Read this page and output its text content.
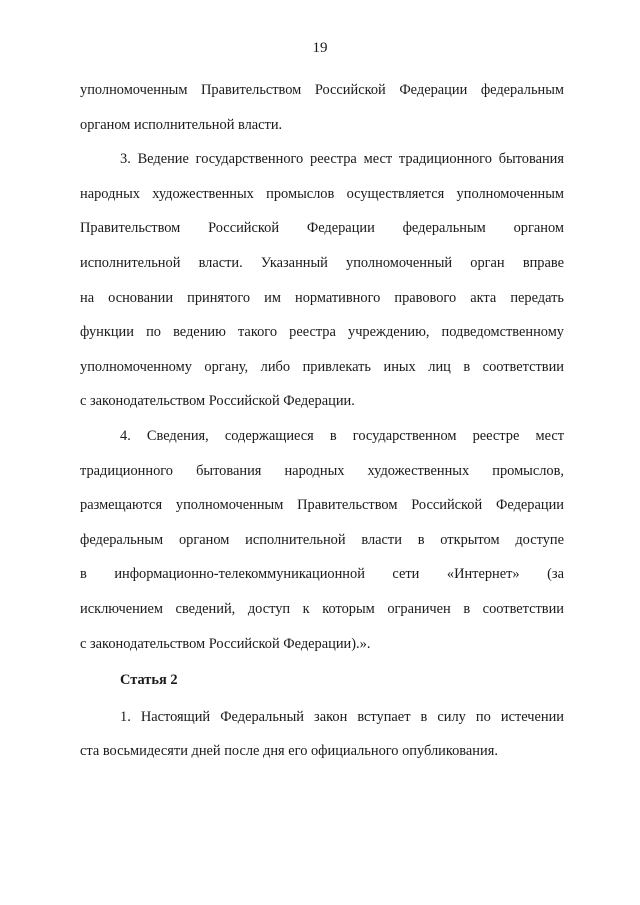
19
уполномоченным Правительством Российской Федерации федеральным
органом исполнительной власти.
3. Ведение государственного реестра мест традиционного бытования
народных художественных промыслов осуществляется уполномоченным
Правительством Российской Федерации федеральным органом
исполнительной власти. Указанный уполномоченный орган вправе
на основании принятого им нормативного правового акта передать
функции по ведению такого реестра учреждению, подведомственному
уполномоченному органу, либо привлекать иных лиц в соответствии
с законодательством Российской Федерации.
4. Сведения, содержащиеся в государственном реестре мест
традиционного бытования народных художественных промыслов,
размещаются уполномоченным Правительством Российской Федерации
федеральным органом исполнительной власти в открытом доступе
в информационно-телекоммуникационной сети «Интернет» (за
исключением сведений, доступ к которым ограничен в соответствии
с законодательством Российской Федерации).».
Статья 2
1. Настоящий Федеральный закон вступает в силу по истечении
ста восьмидесяти дней после дня его официального опубликования.
